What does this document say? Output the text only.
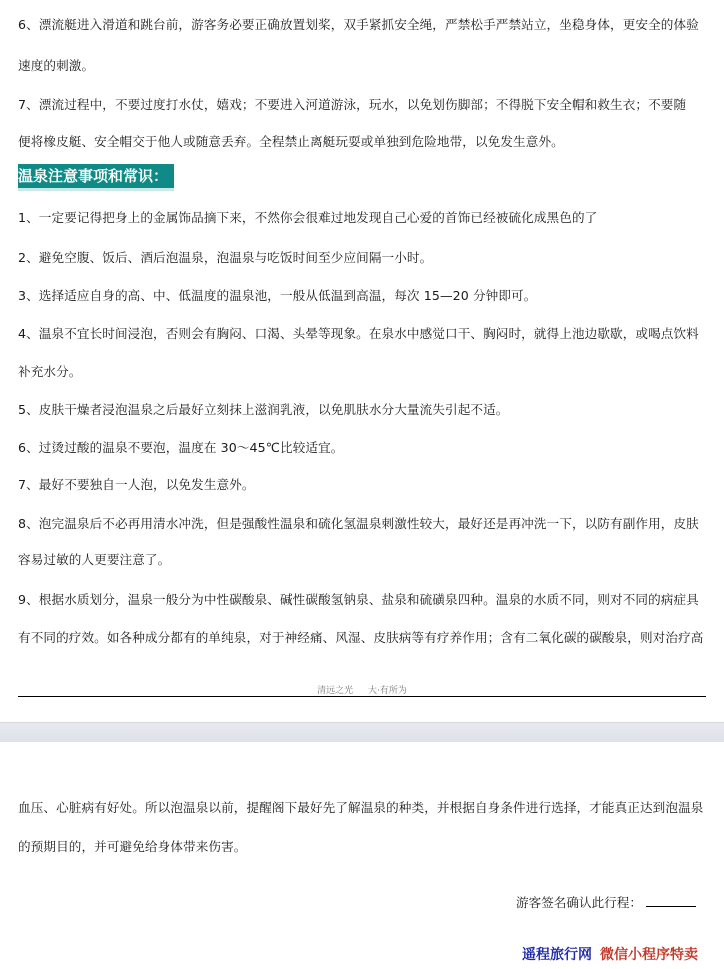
6、漂流艇进入滑道和跳台前，游客务必要正确放置划桨，双手紧抓安全绳，严禁松手严禁站立，坐稳身体，更安全的体验
速度的刺激。
7、漂流过程中，不要过度打水仗，嬉戏；不要进入河道游泳，玩水，以免划伤脚部；不得脱下安全帽和救生衣；不要随
便将橡皮艇、安全帽交于他人或随意丢弃。全程禁止离艇玩耍或单独到危险地带，以免发生意外。
温泉注意事项和常识：
1、一定要记得把身上的金属饰品摘下来，不然你会很难过地发现自己心爱的首饰已经被硫化成黑色的了
2、避免空腹、饭后、酒后泡温泉，泡温泉与吃饭时间至少应间隔一小时。
3、选择适应自身的高、中、低温度的温泉池，一般从低温到高温，每次 15—20 分钟即可。
4、温泉不宜长时间浸泡，否则会有胸闷、口渴、头晕等现象。在泉水中感觉口干、胸闷时，就得上池边歇歇，或喝点饮料
补充水分。
5、皮肤干燥者浸泡温泉之后最好立刻抹上滋润乳液，以免肌肤水分大量流失引起不适。
6、过烫过酸的温泉不要泡，温度在 30～45℃比较适宜。
7、最好不要独自一人泡，以免发生意外。
8、泡完温泉后不必再用清水冲洗，但是强酸性温泉和硫化氢温泉刺激性较大，最好还是再冲洗一下，以防有副作用，皮肤
容易过敏的人更要注意了。
9、根据水质划分，温泉一般分为中性碳酸泉、碱性碳酸氢钠泉、盐泉和硫磺泉四种。温泉的水质不同，则对不同的病症具
有不同的疗效。如各种成分都有的单纯泉，对于神经痛、风湿、皮肤病等有疗养作用；含有二氧化碳的碳酸泉，则对治疗高
清远之光 大·有所为
血压、心脏病有好处。所以泡温泉以前，提醒阁下最好先了解温泉的种类，并根据自身条件进行选择，才能真正达到泡温泉
的预期目的，并可避免给身体带来伤害。
游客签名确认此行程：
遥程旅行网 微信小程序特卖
